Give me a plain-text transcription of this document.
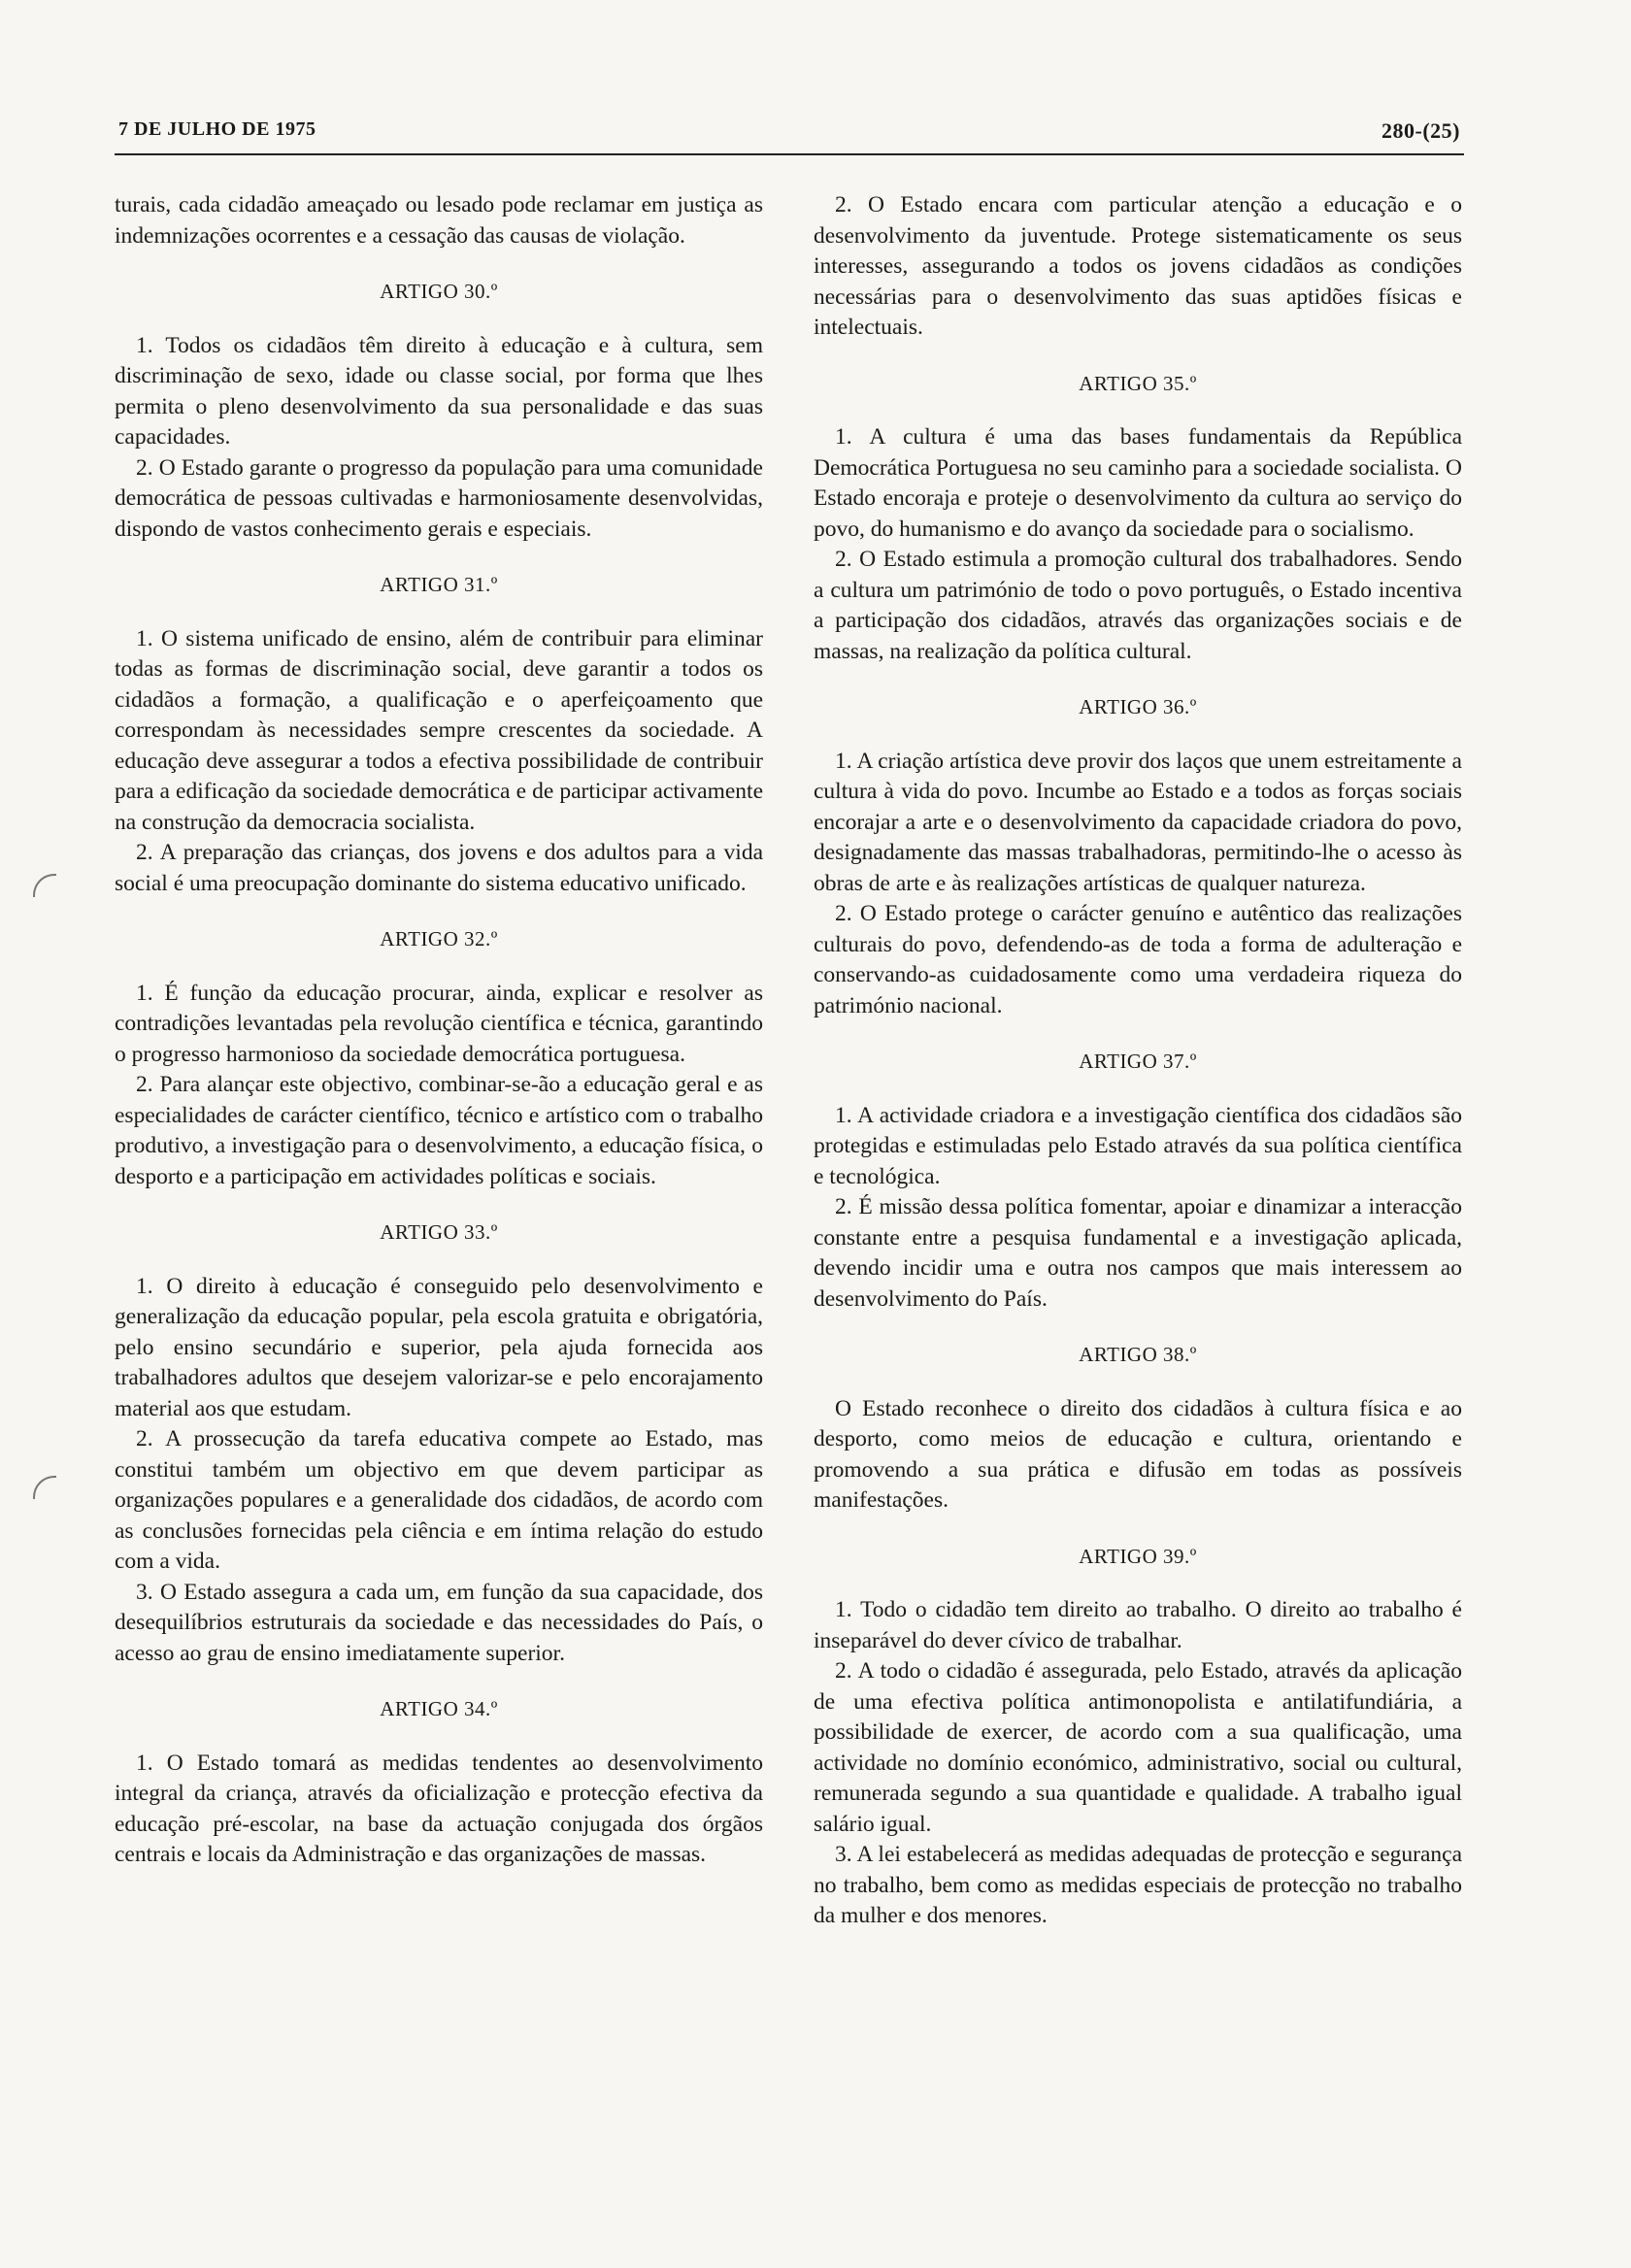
7 DE JULHO DE 1975	280-(25)

turais, cada cidadão ameaçado ou lesado pode reclamar em justiça as indemnizações ocorrentes e a cessação das causas de violação.

ARTIGO 30.º

1. Todos os cidadãos têm direito à educação e à cultura, sem discriminação de sexo, idade ou classe social, por forma que lhes permita o pleno desenvolvimento da sua personalidade e das suas capacidades.

2. O Estado garante o progresso da população para uma comunidade democrática de pessoas cultivadas e harmoniosamente desenvolvidas, dispondo de vastos conhecimento gerais e especiais.

ARTIGO 31.º

1. O sistema unificado de ensino, além de contribuir para eliminar todas as formas de discriminação social, deve garantir a todos os cidadãos a formação, a qualificação e o aperfeiçoamento que correspondam às necessidades sempre crescentes da sociedade. A educação deve assegurar a todos a efectiva possibilidade de contribuir para a edificação da sociedade democrática e de participar activamente na construção da democracia socialista.

2. A preparação das crianças, dos jovens e dos adultos para a vida social é uma preocupação dominante do sistema educativo unificado.

ARTIGO 32.º

1. É função da educação procurar, ainda, explicar e resolver as contradições levantadas pela revolução científica e técnica, garantindo o progresso harmonioso da sociedade democrática portuguesa.

2. Para alançar este objectivo, combinar-se-ão a educação geral e as especialidades de carácter científico, técnico e artístico com o trabalho produtivo, a investigação para o desenvolvimento, a educação física, o desporto e a participação em actividades políticas e sociais.

ARTIGO 33.º

1. O direito à educação é conseguido pelo desenvolvimento e generalização da educação popular, pela escola gratuita e obrigatória, pelo ensino secundário e superior, pela ajuda fornecida aos trabalhadores adultos que desejem valorizar-se e pelo encorajamento material aos que estudam.

2. A prossecução da tarefa educativa compete ao Estado, mas constitui também um objectivo em que devem participar as organizações populares e a generalidade dos cidadãos, de acordo com as conclusões fornecidas pela ciência e em íntima relação do estudo com a vida.

3. O Estado assegura a cada um, em função da sua capacidade, dos desequilíbrios estruturais da sociedade e das necessidades do País, o acesso ao grau de ensino imediatamente superior.

ARTIGO 34.º

1. O Estado tomará as medidas tendentes ao desenvolvimento integral da criança, através da oficialização e protecção efectiva da educação pré-escolar, na base da actuação conjugada dos órgãos centrais e locais da Administração e das organizações de massas.

2. O Estado encara com particular atenção a educação e o desenvolvimento da juventude. Protege sistematicamente os seus interesses, assegurando a todos os jovens cidadãos as condições necessárias para o desenvolvimento das suas aptidões físicas e intelectuais.

ARTIGO 35.º

1. A cultura é uma das bases fundamentais da República Democrática Portuguesa no seu caminho para a sociedade socialista. O Estado encoraja e proteje o desenvolvimento da cultura ao serviço do povo, do humanismo e do avanço da sociedade para o socialismo.

2. O Estado estimula a promoção cultural dos trabalhadores. Sendo a cultura um património de todo o povo português, o Estado incentiva a participação dos cidadãos, através das organizações sociais e de massas, na realização da política cultural.

ARTIGO 36.º

1. A criação artística deve provir dos laços que unem estreitamente a cultura à vida do povo. Incumbe ao Estado e a todos as forças sociais encorajar a arte e o desenvolvimento da capacidade criadora do povo, designadamente das massas trabalhadoras, permitindo-lhe o acesso às obras de arte e às realizações artísticas de qualquer natureza.

2. O Estado protege o carácter genuíno e autêntico das realizações culturais do povo, defendendo-as de toda a forma de adulteração e conservando-as cuidadosamente como uma verdadeira riqueza do património nacional.

ARTIGO 37.º

1. A actividade criadora e a investigação científica dos cidadãos são protegidas e estimuladas pelo Estado através da sua política científica e tecnológica.

2. É missão dessa política fomentar, apoiar e dinamizar a interacção constante entre a pesquisa fundamental e a investigação aplicada, devendo incidir uma e outra nos campos que mais interessem ao desenvolvimento do País.

ARTIGO 38.º

O Estado reconhece o direito dos cidadãos à cultura física e ao desporto, como meios de educação e cultura, orientando e promovendo a sua prática e difusão em todas as possíveis manifestações.

ARTIGO 39.º

1. Todo o cidadão tem direito ao trabalho. O direito ao trabalho é inseparável do dever cívico de trabalhar.

2. A todo o cidadão é assegurada, pelo Estado, através da aplicação de uma efectiva política antimonopolista e antilatifundiária, a possibilidade de exercer, de acordo com a sua qualificação, uma actividade no domínio económico, administrativo, social ou cultural, remunerada segundo a sua quantidade e qualidade. A trabalho igual salário igual.

3. A lei estabelecerá as medidas adequadas de protecção e segurança no trabalho, bem como as medidas especiais de protecção no trabalho da mulher e dos menores.
